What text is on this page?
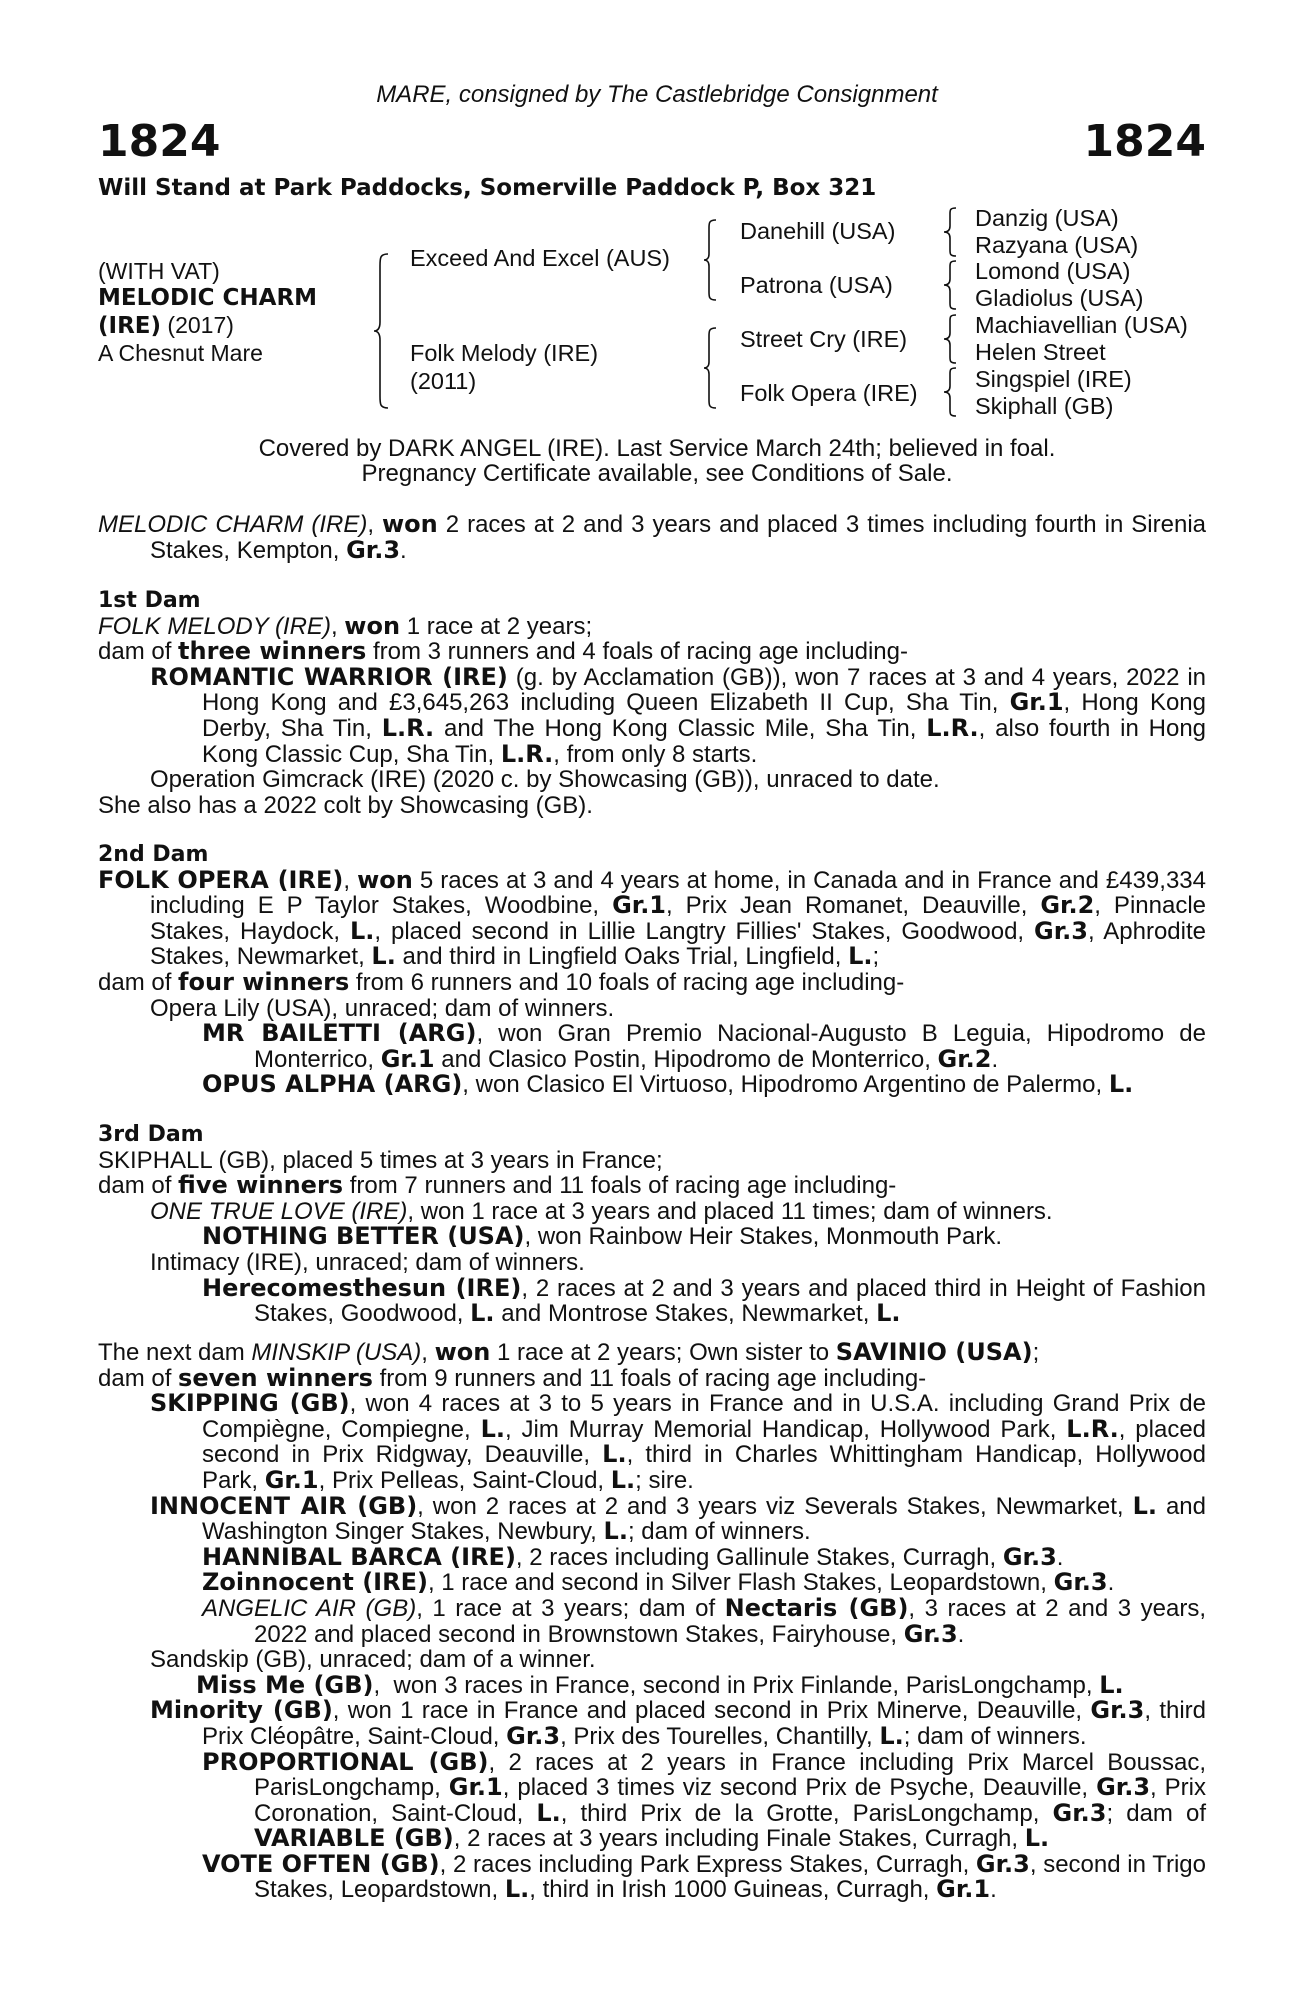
MARE, consigned by The Castlebridge Consignment
1824	1824
Will Stand at Park Paddocks, Somerville Paddock P, Box 321
(WITH VAT)
MELODIC CHARM
(IRE) (2017)
A Chesnut Mare
Exceed And Excel (AUS)
Folk Melody (IRE)
(2011)
Danehill (USA)
Patrona (USA)
Street Cry (IRE)
Folk Opera (IRE)
Danzig (USA)
Razyana (USA)
Lomond (USA)
Gladiolus (USA)
Machiavellian (USA)
Helen Street
Singspiel (IRE)
Skiphall (GB)
Covered by DARK ANGEL (IRE). Last Service March 24th; believed in foal.
Pregnancy Certificate available, see Conditions of Sale.

MELODIC CHARM (IRE), won 2 races at 2 and 3 years and placed 3 times including fourth in Sirenia Stakes, Kempton, Gr.3.

1st Dam
FOLK MELODY (IRE), won 1 race at 2 years;
dam of three winners from 3 runners and 4 foals of racing age including-

ROMANTIC WARRIOR (IRE) (g. by Acclamation (GB)), won 7 races at 3 and 4 years, 2022 in Hong Kong and £3,645,263 including Queen Elizabeth II Cup, Sha Tin, Gr.1, Hong Kong Derby, Sha Tin, L.R. and The Hong Kong Classic Mile, Sha Tin, L.R., also fourth in Hong Kong Classic Cup, Sha Tin, L.R., from only 8 starts.

Operation Gimcrack (IRE) (2020 c. by Showcasing (GB)), unraced to date.
She also has a 2022 colt by Showcasing (GB).
2nd Dam

FOLK OPERA (IRE), won 5 races at 3 and 4 years at home, in Canada and in France and £439,334 including E P Taylor Stakes, Woodbine, Gr.1, Prix Jean Romanet, Deauville, Gr.2, Pinnacle Stakes, Haydock, L., placed second in Lillie Langtry Fillies' Stakes, Goodwood, Gr.3, Aphrodite Stakes, Newmarket, L. and third in Lingfield Oaks Trial, Lingfield, L.;

dam of four winners from 6 runners and 10 foals of racing age including-
Opera Lily (USA), unraced; dam of winners.

MR BAILETTI (ARG), won Gran Premio Nacional-Augusto B Leguia, Hipodromo de Monterrico, Gr.1 and Clasico Postin, Hipodromo de Monterrico, Gr.2.

OPUS ALPHA (ARG), won Clasico El Virtuoso, Hipodromo Argentino de Palermo, L.
3rd Dam
SKIPHALL (GB), placed 5 times at 3 years in France;
dam of five winners from 7 runners and 11 foals of racing age including-
ONE TRUE LOVE (IRE), won 1 race at 3 years and placed 11 times; dam of winners.
NOTHING BETTER (USA), won Rainbow Heir Stakes, Monmouth Park.
Intimacy (IRE), unraced; dam of winners.

Herecomesthesun (IRE), 2 races at 2 and 3 years and placed third in Height of Fashion Stakes, Goodwood, L. and Montrose Stakes, Newmarket, L.

The next dam MINSKIP (USA), won 1 race at 2 years; Own sister to SAVINIO (USA);
dam of seven winners from 9 runners and 11 foals of racing age including-

SKIPPING (GB), won 4 races at 3 to 5 years in France and in U.S.A. including Grand Prix de Compiègne, Compiegne, L., Jim Murray Memorial Handicap, Hollywood Park, L.R., placed second in Prix Ridgway, Deauville, L., third in Charles Whittingham Handicap, Hollywood Park, Gr.1, Prix Pelleas, Saint-Cloud, L.; sire.

INNOCENT AIR (GB), won 2 races at 2 and 3 years viz Severals Stakes, Newmarket, L. and Washington Singer Stakes, Newbury, L.; dam of winners.

HANNIBAL BARCA (IRE), 2 races including Gallinule Stakes, Curragh, Gr.3.
Zoinnocent (IRE), 1 race and second in Silver Flash Stakes, Leopardstown, Gr.3.

ANGELIC AIR (GB), 1 race at 3 years; dam of Nectaris (GB), 3 races at 2 and 3 years, 2022 and placed second in Brownstown Stakes, Fairyhouse, Gr.3.

Sandskip (GB), unraced; dam of a winner.
Miss Me (GB),  won 3 races in France, second in Prix Finlande, ParisLongchamp, L.

Minority (GB), won 1 race in France and placed second in Prix Minerve, Deauville, Gr.3, third Prix Cléopâtre, Saint-Cloud, Gr.3, Prix des Tourelles, Chantilly, L.; dam of winners.

PROPORTIONAL (GB), 2 races at 2 years in France including Prix Marcel Boussac, ParisLongchamp, Gr.1, placed 3 times viz second Prix de Psyche, Deauville, Gr.3, Prix Coronation, Saint-Cloud, L., third Prix de la Grotte, ParisLongchamp, Gr.3; dam of VARIABLE (GB), 2 races at 3 years including Finale Stakes, Curragh, L.

VOTE OFTEN (GB), 2 races including Park Express Stakes, Curragh, Gr.3, second in Trigo Stakes, Leopardstown, L., third in Irish 1000 Guineas, Curragh, Gr.1.
